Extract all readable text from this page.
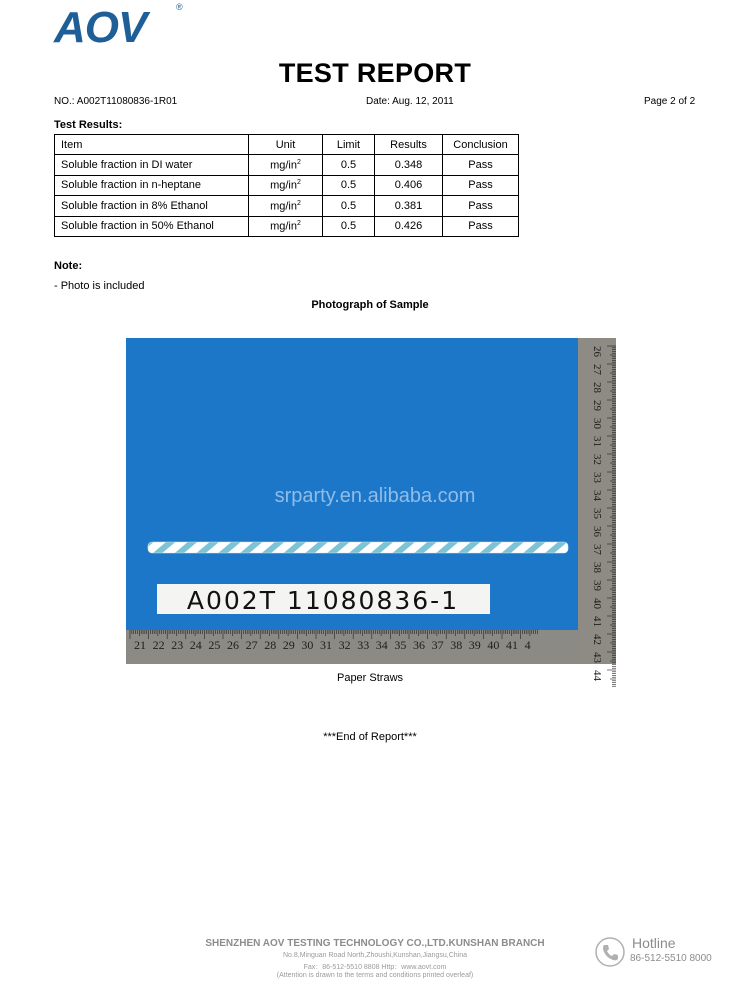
AOV	®
TEST REPORT
NO.: A002T11080836-1R01	Date: Aug. 12, 2011	Page 2 of 2
Test Results:
Item	Unit	Limit	Results	Conclusion
Soluble fraction in DI water	$mg/in^2$	0.5	0.348	Pass
Soluble fraction in n-heptane	$mg/in^2$	0.5	0.406	Pass
Soluble fraction in 8% Ethanol	$mg/in^2$	0.5	0.381	Pass
Soluble fraction in 50% Ethanol	$mg/in^2$	0.5	0.426	Pass
Note:
- Photo is included
Photograph of Sample
26
27
28
29
30
31
32
33
34
35
36
37
38
39
40
41
42
43
44
21 22 23 24 25 26 27 28 29 30 31 32 33 34 35 36 37 38 39 40 41 4
srparty.en.alibaba.com
A002T 11080836-1
Paper Straws
***End of Report***
SHENZHEN AOV TESTING TECHNOLOGY CO.,LTD.KUNSHAN BRANCH
No.8,Minguan Road North,Zhoushi,Kunshan,Jiangsu,China
Fax：86-512-5510 8808 Http：www.aovt.com
(Attention is drawn to the terms and conditions printed overleaf)
Hotline
86-512-5510 8000
